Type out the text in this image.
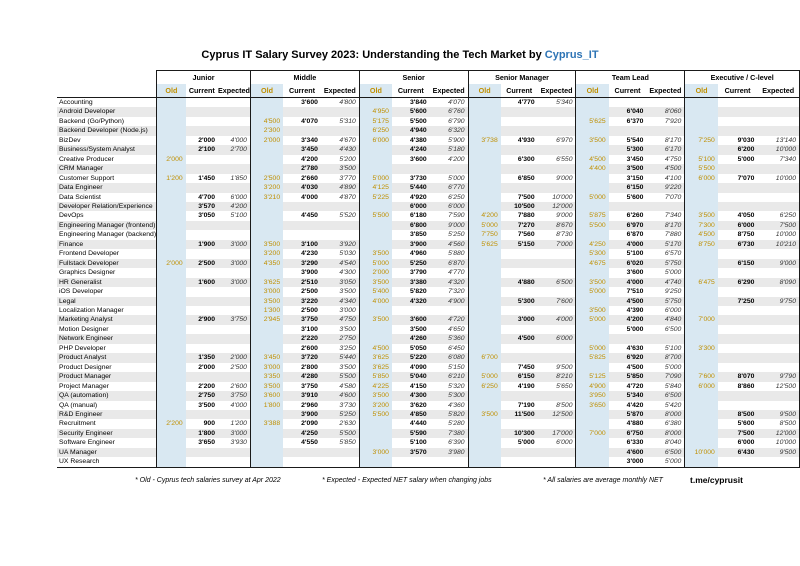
Cyprus IT Salary Survey 2023: Understanding the Tech Market by Cyprus_IT
	Junior			Middle			Senior			Senior Manager			Team Lead			Executive / C-level		
	Old	Current	Expected	Old	Current	Expected	Old	Current	Expected	Old	Current	Expected	Old	Current	Expected	Old	Current	Expected
Accounting					3'600	4'800		3'840	4'070		4'770	5'340						
Android Developer							4'950	5'600	6'760					6'040	8'060			
Backend (Go/Python)				4'500	4'070	5'310	5'175	5'500	6'790				5'625	6'370	7'920			
Backend Developer (Node.js)				2'300			6'250	4'940	6'320									
BizDev		2'000	4'000	2'000	3'340	4'670	6'000	4'380	5'900	3'738	4'930	6'970	3'500	5'540	8'170	7'250	9'030	13'140
Business/System Analyst		2'100	2'700		3'450	4'430		4'240	5'180					5'300	6'170		6'200	10'000
Creative Producer	2'000				4'200	5'200		3'600	4'200		6'300	6'550	4'500	3'450	4'750	5'100	5'000	7'340
CRM Manager					2'780	3'500							4'400	3'500	4'500	5'500		
Customer Support	1'200	1'450	1'850	2'500	2'660	3'770	5'000	3'730	5'000		6'850	9'000		3'150	4'100	6'000	7'070	10'000
Data Engineer				3'200	4'030	4'890	4'125	5'440	6'770					6'150	9'220			
Data Scientist		4'700	6'000	3'210	4'000	4'870	5'225	4'920	6'250		7'500	10'000	5'000	5'600	7'070			
Developer Relation/Experience		3'570	4'200					6'000	6'000		10'500	12'000						
DevOps		3'050	5'100		4'450	5'520	5'500	6'180	7'590	4'200	7'880	9'000	5'875	6'260	7'340	3'500	4'050	6'250
Engineering Manager (frontend)								6'800	9'000	5'000	7'270	8'670	5'500	6'970	8'170	7'300	6'000	7'500
Engineering Manager (backend)								3'850	5'250	7'750	7'560	8'730		6'870	7'880	4'500	8'750	10'000
Finance		1'900	3'000	3'500	3'100	3'920		3'900	4'560	5'625	5'150	7'000	4'250	4'000	5'170	8'750	6'730	10'210
Frontend Developer				3'200	4'230	5'030	3'500	4'960	5'880				5'300	5'100	6'570			
Fullstack Developer	2'000	2'500	3'000	4'350	3'290	4'540	5'000	5'250	6'870				4'675	6'020	5'750		6'150	9'000
Graphics Designer					3'900	4'300	2'000	3'790	4'770					3'600	5'000			
HR Generalist		1'600	3'000	3'625	2'510	3'050	3'500	3'380	4'320		4'880	6'500	3'500	4'000	4'740	6'475	6'290	8'090
iOS Developer				3'000	2'500	3'500	5'400	5'820	7'320				5'000	7'510	9'250			
Legal				3'500	3'220	4'340	4'000	4'320	4'900		5'300	7'600		4'500	5'750		7'250	9'750
Localization Manager				1'300	2'500	3'000							3'500	4'390	6'000			
Marketing Analyst		2'900	3'750	2'945	3'750	4'750	3'500	3'600	4'720		3'000	4'000	5'000	4'200	4'840	7'000		
Motion Designer					3'100	3'500		3'500	4'650					5'000	6'500			
Network Engineer					2'220	2'750		4'260	5'360		4'500	6'000						
PHP Developer					2'600	3'250	4'500	5'050	6'450				5'000	4'630	5'100	3'300		
Product Analyst		1'350	2'000	3'450	3'720	5'440	3'625	5'220	6'080	6'700			5'825	6'920	8'700			
Product Designer		2'000	2'500	3'000	2'800	3'500	3'625	4'090	5'150		7'450	9'500		4'500	5'000			
Product Manager				3'350	4'280	5'500	5'850	5'040	6'210	5'000	6'150	8'210	5'125	5'850	7'090	7'600	8'070	9'790
Project Manager		2'200	2'600	3'500	3'750	4'580	4'225	4'150	5'320	6'250	4'190	5'650	4'900	4'720	5'840	6'000	8'860	12'500
QA (automation)		2'750	3'750	3'600	3'910	4'600	3'500	4'300	5'300				3'950	5'340	6'500			
QA (manual)		3'500	4'000	1'800	2'960	3'730	3'200	3'620	4'360		7'190	8'500	3'650	4'420	5'420			
R&D Engineer					3'900	5'250	5'500	4'850	5'820	3'500	11'500	12'500		5'870	8'000		8'500	9'500
Recruitment	2'200	900	1'200	3'388	2'090	2'630		4'440	5'280					4'880	6'380		5'600	8'500
Security Engineer		1'800	3'000		4'250	5'500		5'590	7'380		10'300	17'000	7'000	6'750	8'000		7'500	12'000
Software Engineer		3'650	3'930		4'550	5'850		5'100	6'390		5'000	6'000		6'330	8'040		6'000	10'000
UA Manager							3'000	3'570	3'980					4'600	6'500	10'000	6'430	9'500
UX Research														3'000	5'000			
* Old - Cyprus tech salaries survey at Apr 2022	* Expected - Expected NET salary when changing jobs	* All salaries are average monthly NET	t.me/cyprusit
